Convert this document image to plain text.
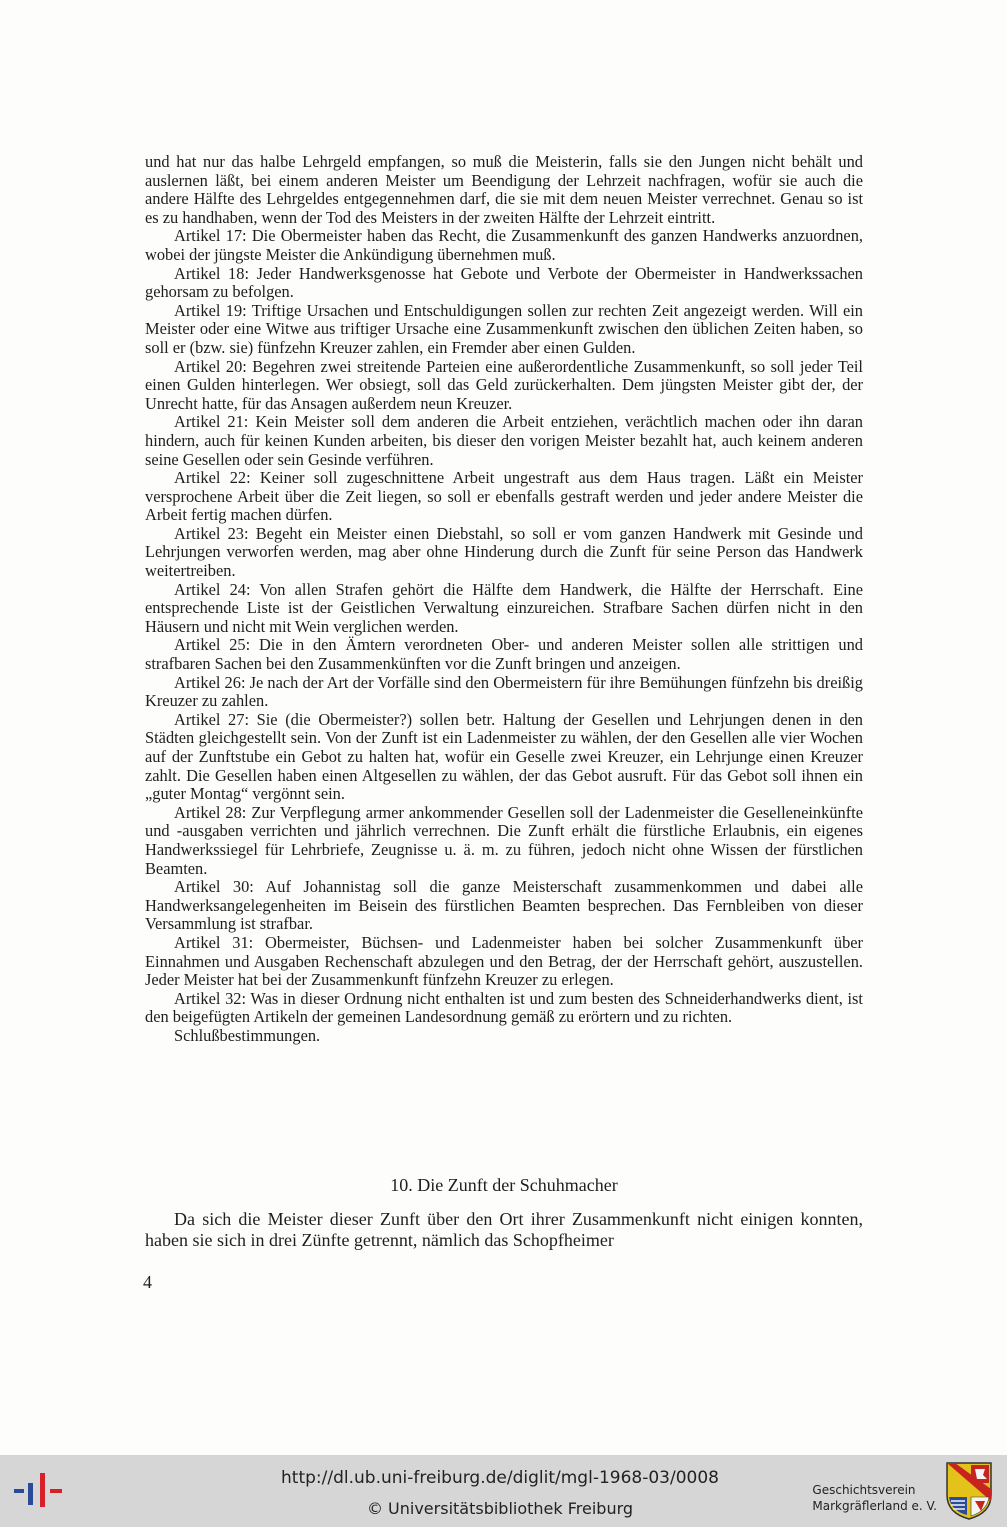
und hat nur das halbe Lehrgeld empfangen, so muß die Meisterin, falls sie den Jungen nicht behält und auslernen läßt, bei einem anderen Meister um Beendigung der Lehrzeit nachfragen, wofür sie auch die andere Hälfte des Lehrgeldes entgegennehmen darf, die sie mit dem neuen Meister verrechnet. Genau so ist es zu handhaben, wenn der Tod des Meisters in der zweiten Hälfte der Lehrzeit eintritt.

Artikel 17: Die Obermeister haben das Recht, die Zusammenkunft des ganzen Handwerks anzuordnen, wobei der jüngste Meister die Ankündigung übernehmen muß.

Artikel 18: Jeder Handwerksgenosse hat Gebote und Verbote der Obermeister in Handwerkssachen gehorsam zu befolgen.

Artikel 19: Triftige Ursachen und Entschuldigungen sollen zur rechten Zeit angezeigt werden. Will ein Meister oder eine Witwe aus triftiger Ursache eine Zusammenkunft zwischen den üblichen Zeiten haben, so soll er (bzw. sie) fünfzehn Kreuzer zahlen, ein Fremder aber einen Gulden.

Artikel 20: Begehren zwei streitende Parteien eine außerordentliche Zusammenkunft, so soll jeder Teil einen Gulden hinterlegen. Wer obsiegt, soll das Geld zurückerhalten. Dem jüngsten Meister gibt der, der Unrecht hatte, für das Ansagen außerdem neun Kreuzer.

Artikel 21: Kein Meister soll dem anderen die Arbeit entziehen, verächtlich machen oder ihn daran hindern, auch für keinen Kunden arbeiten, bis dieser den vorigen Meister bezahlt hat, auch keinem anderen seine Gesellen oder sein Gesinde verführen.

Artikel 22: Keiner soll zugeschnittene Arbeit ungestraft aus dem Haus tragen. Läßt ein Meister versprochene Arbeit über die Zeit liegen, so soll er ebenfalls gestraft werden und jeder andere Meister die Arbeit fertig machen dürfen.

Artikel 23: Begeht ein Meister einen Diebstahl, so soll er vom ganzen Handwerk mit Gesinde und Lehrjungen verworfen werden, mag aber ohne Hinderung durch die Zunft für seine Person das Handwerk weitertreiben.

Artikel 24: Von allen Strafen gehört die Hälfte dem Handwerk, die Hälfte der Herrschaft. Eine entsprechende Liste ist der Geistlichen Verwaltung einzureichen. Strafbare Sachen dürfen nicht in den Häusern und nicht mit Wein verglichen werden.

Artikel 25: Die in den Ämtern verordneten Ober- und anderen Meister sollen alle strittigen und strafbaren Sachen bei den Zusammenkünften vor die Zunft bringen und anzeigen.

Artikel 26: Je nach der Art der Vorfälle sind den Obermeistern für ihre Bemühungen fünfzehn bis dreißig Kreuzer zu zahlen.

Artikel 27: Sie (die Obermeister?) sollen betr. Haltung der Gesellen und Lehrjungen denen in den Städten gleichgestellt sein. Von der Zunft ist ein Ladenmeister zu wählen, der den Gesellen alle vier Wochen auf der Zunftstube ein Gebot zu halten hat, wofür ein Geselle zwei Kreuzer, ein Lehrjunge einen Kreuzer zahlt. Die Gesellen haben einen Altgesellen zu wählen, der das Gebot ausruft. Für das Gebot soll ihnen ein „guter Montag“ vergönnt sein.

Artikel 28: Zur Verpflegung armer ankommender Gesellen soll der Ladenmeister die Geselleneinkünfte und -ausgaben verrichten und jährlich verrechnen. Die Zunft erhält die fürstliche Erlaubnis, ein eigenes Handwerkssiegel für Lehrbriefe, Zeugnisse u. ä. m. zu führen, jedoch nicht ohne Wissen der fürstlichen Beamten.

Artikel 30: Auf Johannistag soll die ganze Meisterschaft zusammenkommen und dabei alle Handwerksangelegenheiten im Beisein des fürstlichen Beamten besprechen. Das Fernbleiben von dieser Versammlung ist strafbar.

Artikel 31: Obermeister, Büchsen- und Ladenmeister haben bei solcher Zusammenkunft über Einnahmen und Ausgaben Rechenschaft abzulegen und den Betrag, der der Herrschaft gehört, auszustellen. Jeder Meister hat bei der Zusammenkunft fünfzehn Kreuzer zu erlegen.

Artikel 32: Was in dieser Ordnung nicht enthalten ist und zum besten des Schneiderhandwerks dient, ist den beigefügten Artikeln der gemeinen Landesordnung gemäß zu erörtern und zu richten.

Schlußbestimmungen.

10. Die Zunft der Schuhmacher

Da sich die Meister dieser Zunft über den Ort ihrer Zusammenkunft nicht einigen konnten, haben sie sich in drei Zünfte getrennt, nämlich das Schopfheimer

4
http://dl.ub.uni-freiburg.de/diglit/mgl-1968-03/0008
© Universitätsbibliothek Freiburg
Geschichtsverein
Markgräflerland e. V.
